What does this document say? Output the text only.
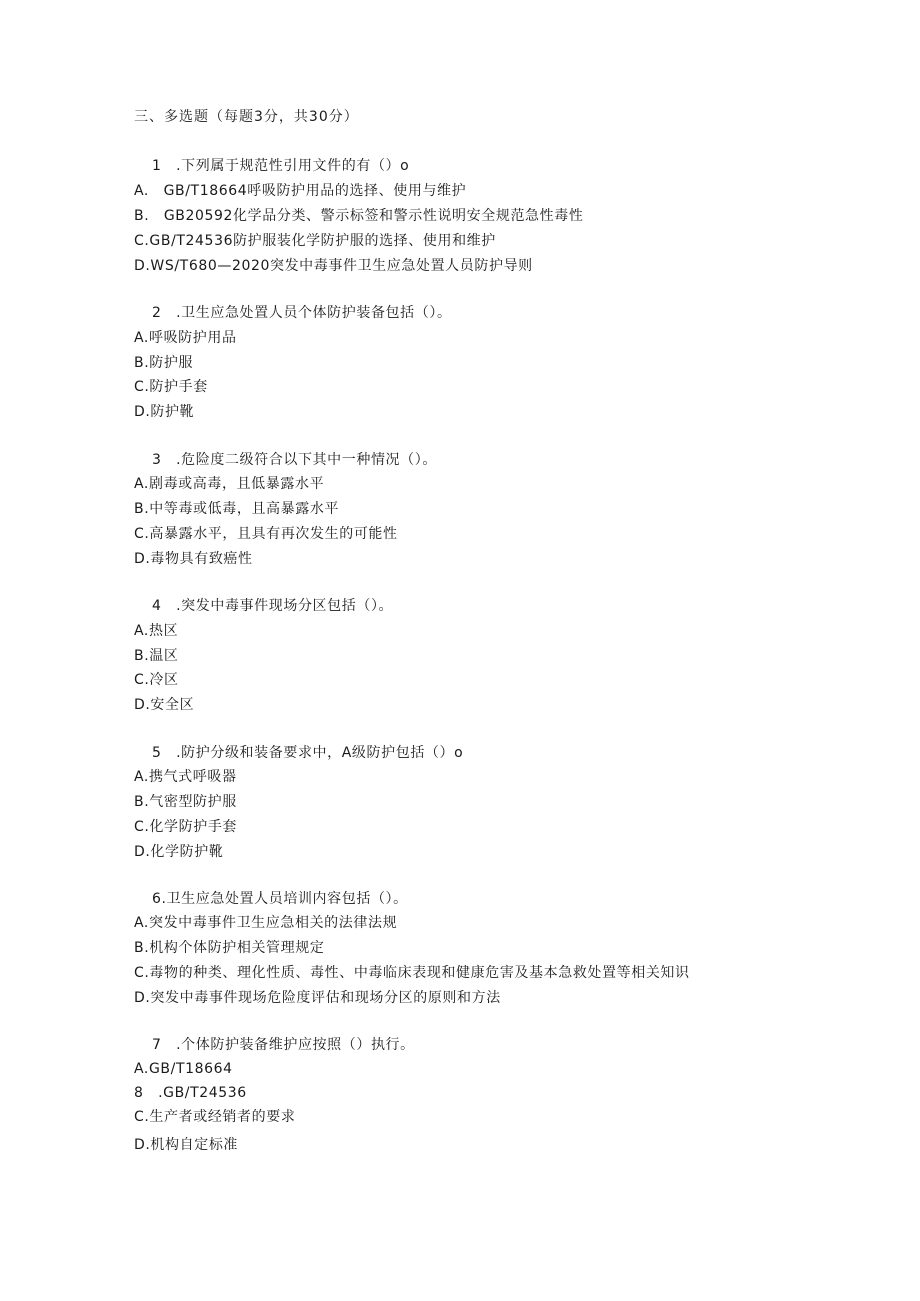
三、多选题（每题3分，共30分）
1　.下列属于规范性引用文件的有（）o
A.　GB/T18664呼吸防护用品的选择、使用与维护
B.　GB20592化学品分类、警示标签和警示性说明安全规范急性毒性
C.GB/T24536防护服装化学防护服的选择、使用和维护
D.WS/T680—2020突发中毒事件卫生应急处置人员防护导则
2　.卫生应急处置人员个体防护装备包括（）。
A.呼吸防护用品
B.防护服
C.防护手套
D.防护靴
3　.危险度二级符合以下其中一种情况（）。
A.剧毒或高毒，且低暴露水平
B.中等毒或低毒，且高暴露水平
C.高暴露水平，且具有再次发生的可能性
D.毒物具有致癌性
4　.突发中毒事件现场分区包括（）。
A.热区
B.温区
C.冷区
D.安全区
5　.防护分级和装备要求中，A级防护包括（）o
A.携气式呼吸器
B.气密型防护服
C.化学防护手套
D.化学防护靴
6.卫生应急处置人员培训内容包括（）。
A.突发中毒事件卫生应急相关的法律法规
B.机构个体防护相关管理规定
C.毒物的种类、理化性质、毒性、中毒临床表现和健康危害及基本急救处置等相关知识
D.突发中毒事件现场危险度评估和现场分区的原则和方法
7　.个体防护装备维护应按照（）执行。
A.GB/T18664
8　.GB/T24536
C.生产者或经销者的要求
D.机构自定标准
